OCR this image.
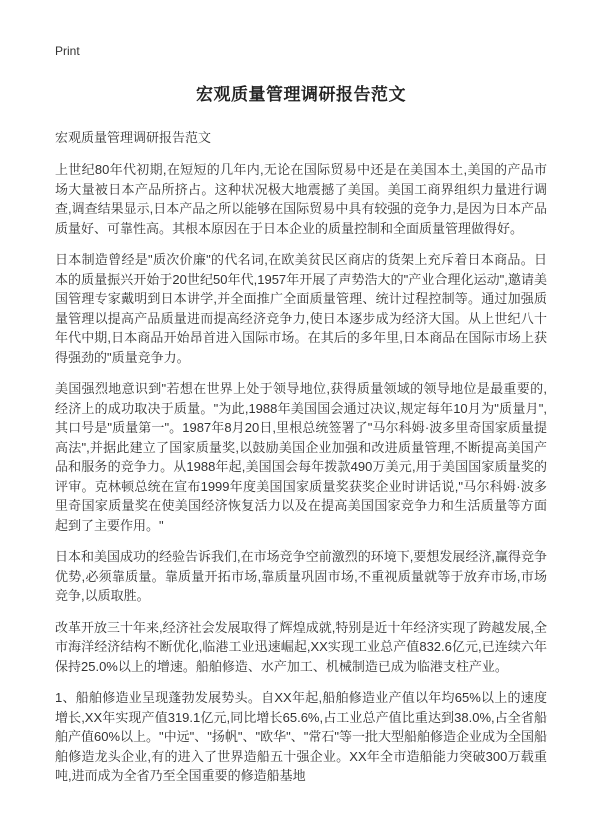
Print
宏观质量管理调研报告范文
宏观质量管理调研报告范文

上世纪80年代初期,在短短的几年内,无论在国际贸易中还是在美国本土,美国的产品市场大量被日本产品所挤占。这种状况极大地震撼了美国。美国工商界组织力量进行调查,调查结果显示,日本产品之所以能够在国际贸易中具有较强的竞争力,是因为日本产品质量好、可靠性高。其根本原因在于日本企业的质量控制和全面质量管理做得好。

日本制造曾经是"质次价廉"的代名词,在欧美贫民区商店的货架上充斥着日本商品。日本的质量振兴开始于20世纪50年代,1957年开展了声势浩大的"产业合理化运动",邀请美国管理专家戴明到日本讲学,并全面推广全面质量管理、统计过程控制等。通过加强质量管理以提高产品质量进而提高经济竞争力,使日本逐步成为经济大国。从上世纪八十年代中期,日本商品开始昂首进入国际市场。在其后的多年里,日本商品在国际市场上获得强劲的"质量竞争力。

美国强烈地意识到"若想在世界上处于领导地位,获得质量领域的领导地位是最重要的,经济上的成功取决于质量。"为此,1988年美国国会通过决议,规定每年10月为"质量月",其口号是"质量第一"。1987年8月20日,里根总统签署了"马尔科姆·波多里奇国家质量提高法",并据此建立了国家质量奖,以鼓励美国企业加强和改进质量管理,不断提高美国产品和服务的竞争力。从1988年起,美国国会每年拨款490万美元,用于美国国家质量奖的评审。克林顿总统在宣布1999年度美国国家质量奖获奖企业时讲话说,"马尔科姆·波多里奇国家质量奖在使美国经济恢复活力以及在提高美国国家竞争力和生活质量等方面起到了主要作用。"

日本和美国成功的经验告诉我们,在市场竞争空前激烈的环境下,要想发展经济,赢得竞争优势,必须靠质量。靠质量开拓市场,靠质量巩固市场,不重视质量就等于放弃市场,市场竞争,以质取胜。

改革开放三十年来,经济社会发展取得了辉煌成就,特别是近十年经济实现了跨越发展,全市海洋经济结构不断优化,临港工业迅速崛起,XX实现工业总产值832.6亿元,已连续六年保持25.0%以上的增速。船舶修造、水产加工、机械制造已成为临港支柱产业。

1、船舶修造业呈现蓬勃发展势头。自XX年起,船舶修造业产值以年均65%以上的速度增长,XX年实现产值319.1亿元,同比增长65.6%,占工业总产值比重达到38.0%,占全省船舶产值60%以上。"中远"、"扬帆"、"欧华"、"常石"等一批大型船舶修造企业成为全国船舶修造龙头企业,有的进入了世界造船五十强企业。XX年全市造船能力突破300万载重吨,进而成为全省乃至全国重要的修造船基地
